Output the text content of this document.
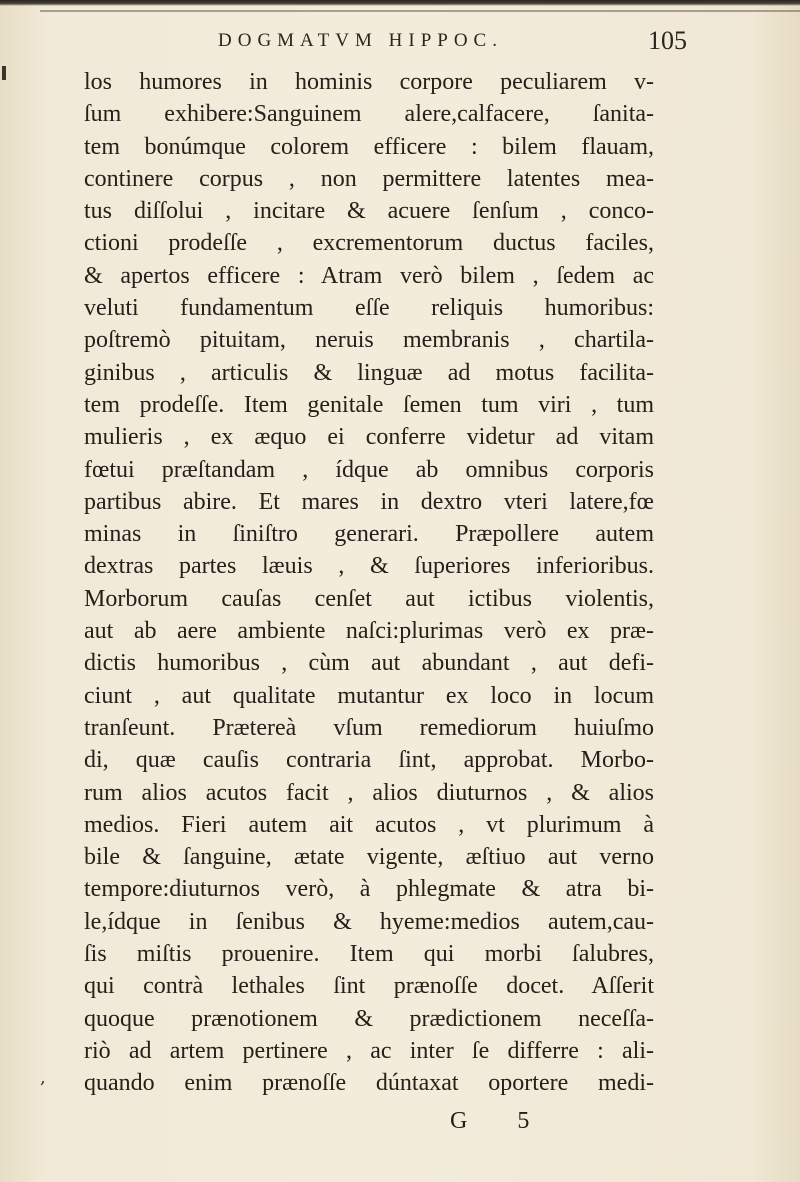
DOGMATVM HIPPOC.	105
,
los humores in hominis corpore peculiarem v-
ſum exhibere:Sanguinem alere,calfacere, ſanita-
tem bonúmque colorem efficere : bilem flauam,
continere corpus , non permittere latentes mea-
tus diſſolui , incitare & acuere ſenſum , conco-
ctioni prodeſſe , excrementorum ductus faciles,
& apertos efficere : Atram verò bilem , ſedem ac
veluti fundamentum eſſe reliquis humoribus:
poſtremò pituitam, neruis membranis , chartila-
ginibus , articulis & linguæ ad motus facilita-
tem prodeſſe. Item genitale ſemen tum viri , tum
mulieris , ex æquo ei conferre videtur ad vitam
fœtui præſtandam , ídque ab omnibus corporis
partibus abire. Et mares in dextro vteri latere,fœ
minas in ſiniſtro generari. Præpollere autem
dextras partes læuis , & ſuperiores inferioribus.
Morborum cauſas cenſet aut ictibus violentis,
aut ab aere ambiente naſci:plurimas verò ex præ-
dictis humoribus , cùm aut abundant , aut defi-
ciunt , aut qualitate mutantur ex loco in locum
tranſeunt. Prætereà vſum remediorum huiuſmo
di, quæ cauſis contraria ſint, approbat. Morbo-
rum alios acutos facit , alios diuturnos , & alios
medios. Fieri autem ait acutos , vt plurimum à
bile & ſanguine, ætate vigente, æſtiuo aut verno
tempore:diuturnos verò, à phlegmate & atra bi-
le,ídque in ſenibus & hyeme:medios autem,cau-
ſis miſtis prouenire. Item qui morbi ſalubres,
qui contrà lethales ſint prænoſſe docet. Aſſerit
quoque prænotionem & prædictionem neceſſa-
riò ad artem pertinere , ac inter ſe differre : ali-
quando enim prænoſſe dúntaxat oportere medi-
G 5
